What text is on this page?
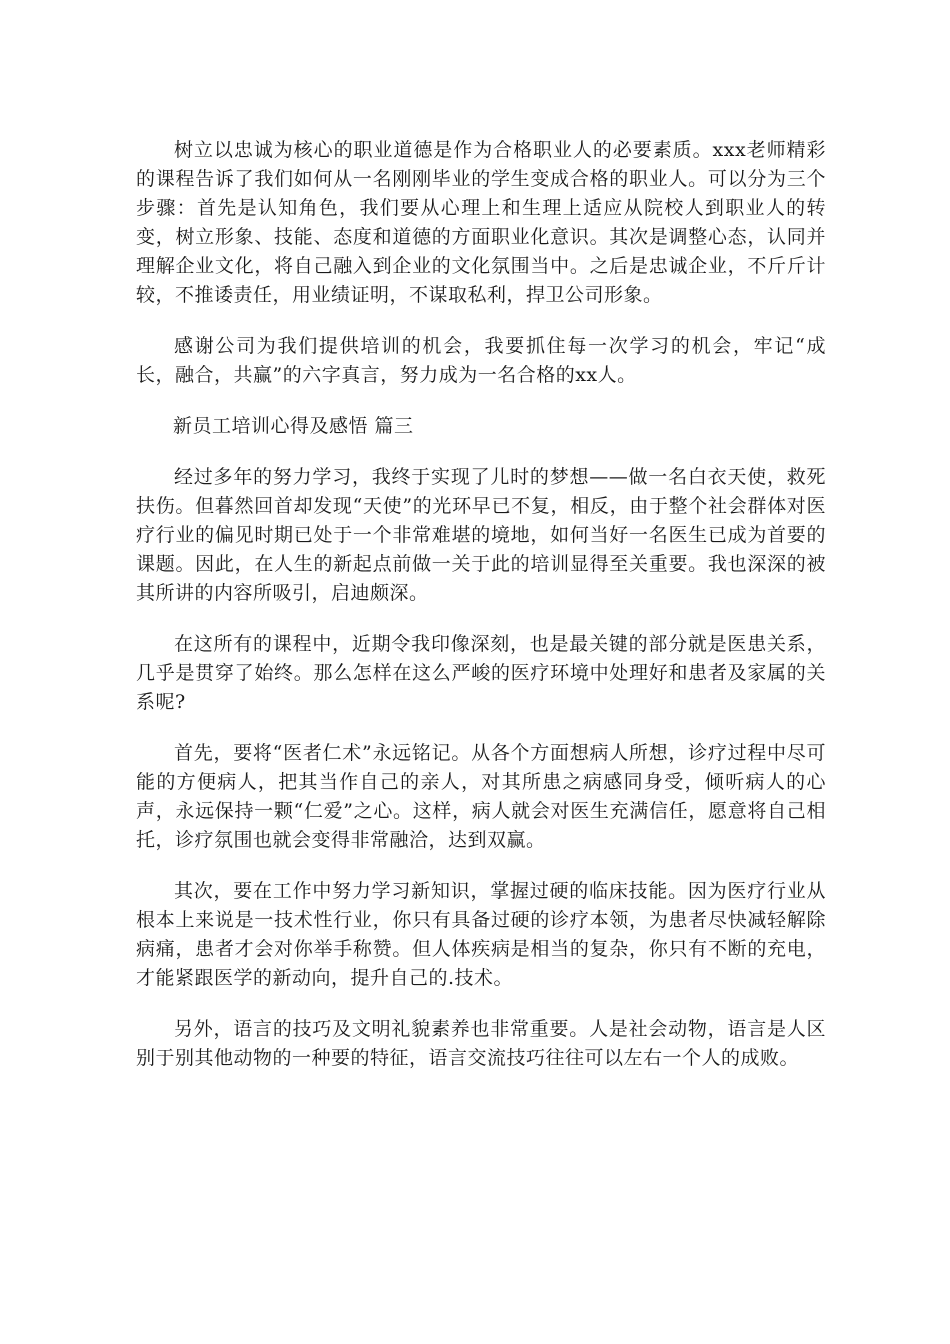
树立以忠诚为核心的职业道德是作为合格职业人的必要素质。xxx老师精彩的课程告诉了我们如何从一名刚刚毕业的学生变成合格的职业人。可以分为三个步骤：首先是认知角色，我们要从心理上和生理上适应从院校人到职业人的转变，树立形象、技能、态度和道德的方面职业化意识。其次是调整心态，认同并理解企业文化，将自己融入到企业的文化氛围当中。之后是忠诚企业，不斤斤计较，不推诿责任，用业绩证明，不谋取私利，捍卫公司形象。

感谢公司为我们提供培训的机会，我要抓住每一次学习的机会，牢记“成长，融合，共赢”的六字真言，努力成为一名合格的xx人。

新员工培训心得及感悟 篇三

经过多年的努力学习，我终于实现了儿时的梦想——做一名白衣天使，救死扶伤。但暮然回首却发现“天使”的光环早已不复，相反，由于整个社会群体对医疗行业的偏见时期已处于一个非常难堪的境地，如何当好一名医生已成为首要的课题。因此，在人生的新起点前做一关于此的培训显得至关重要。我也深深的被其所讲的内容所吸引，启迪颇深。

在这所有的课程中，近期令我印像深刻，也是最关键的部分就是医患关系，几乎是贯穿了始终。那么怎样在这么严峻的医疗环境中处理好和患者及家属的关系呢?

首先，要将“医者仁术”永远铭记。从各个方面想病人所想，诊疗过程中尽可能的方便病人，把其当作自己的亲人，对其所患之病感同身受，倾听病人的心声，永远保持一颗“仁爱”之心。这样，病人就会对医生充满信任，愿意将自己相托，诊疗氛围也就会变得非常融洽，达到双赢。

其次，要在工作中努力学习新知识，掌握过硬的临床技能。因为医疗行业从根本上来说是一技术性行业，你只有具备过硬的诊疗本领，为患者尽快减轻解除病痛，患者才会对你举手称赞。但人体疾病是相当的复杂，你只有不断的充电，才能紧跟医学的新动向，提升自己的.技术。

另外，语言的技巧及文明礼貌素养也非常重要。人是社会动物，语言是人区别于别其他动物的一种要的特征，语言交流技巧往往可以左右一个人的成败。
